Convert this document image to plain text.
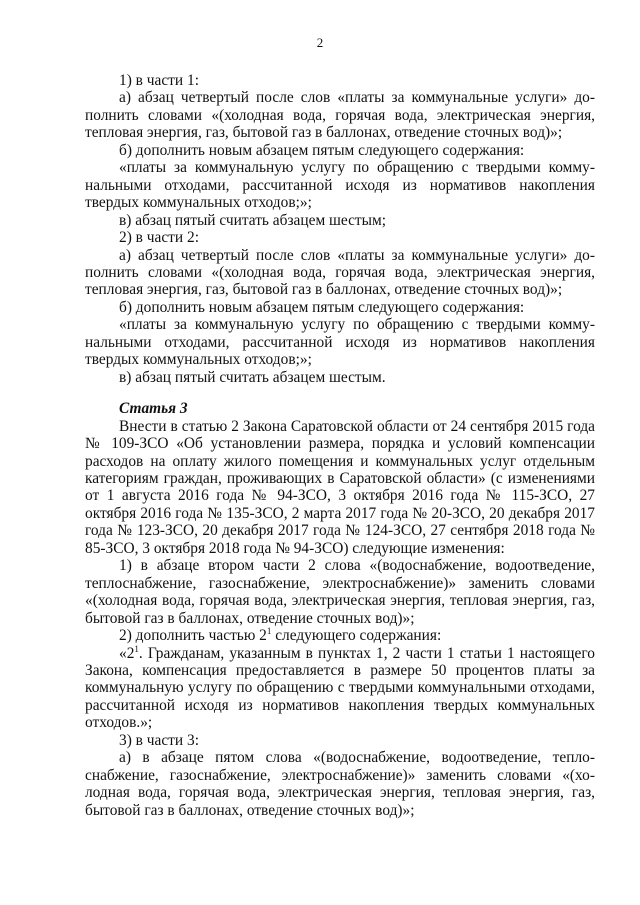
2

1) в части 1:

а) абзац четвертый после слов «платы за коммунальные услуги» дополнить словами «(холодная вода, горячая вода, электрическая энергия, тепловая энергия, газ, бытовой газ в баллонах, отведение сточных вод)»;

б) дополнить новым абзацем пятым следующего содержания:

«платы за коммунальную услугу по обращению с твердыми коммунальными отходами, рассчитанной исходя из нормативов накопления твердых коммунальных отходов;»;

в) абзац пятый считать абзацем шестым;

2) в части 2:

а) абзац четвертый после слов «платы за коммунальные услуги» дополнить словами «(холодная вода, горячая вода, электрическая энергия, тепловая энергия, газ, бытовой газ в баллонах, отведение сточных вод)»;

б) дополнить новым абзацем пятым следующего содержания:

«платы за коммунальную услугу по обращению с твердыми коммунальными отходами, рассчитанной исходя из нормативов накопления твердых коммунальных отходов;»;

в) абзац пятый считать абзацем шестым.

Статья 3

Внести в статью 2 Закона Саратовской области от 24 сентября 2015 года № 109-ЗСО «Об установлении размера, порядка и условий компенсации расходов на оплату жилого помещения и коммунальных услуг отдельным категориям граждан, проживающих в Саратовской области» (с изменениями от 1 августа 2016 года № 94-ЗСО, 3 октября 2016 года № 115-ЗСО, 27 октября 2016 года № 135-ЗСО, 2 марта 2017 года № 20-ЗСО, 20 декабря 2017 года № 123-ЗСО, 20 декабря 2017 года № 124-ЗСО, 27 сентября 2018 года № 85-ЗСО, 3 октября 2018 года № 94-ЗСО) следующие изменения:

1) в абзаце втором части 2 слова «(водоснабжение, водоотведение, теплоснабжение, газоснабжение, электроснабжение)» заменить словами «(холодная вода, горячая вода, электрическая энергия, тепловая энергия, газ, бытовой газ в баллонах, отведение сточных вод)»;

2) дополнить частью $2^1$ следующего содержания:

«$2^1$. Гражданам, указанным в пунктах 1, 2 части 1 статьи 1 настоящего Закона, компенсация предоставляется в размере 50 процентов платы за коммунальную услугу по обращению с твердыми коммунальными отходами, рассчитанной исходя из нормативов накопления твердых коммунальных отходов.»;

3) в части 3:

а) в абзаце пятом слова «(водоснабжение, водоотведение, теплоснабжение, газоснабжение, электроснабжение)» заменить словами «(холодная вода, горячая вода, электрическая энергия, тепловая энергия, газ, бытовой газ в баллонах, отведение сточных вод)»;
